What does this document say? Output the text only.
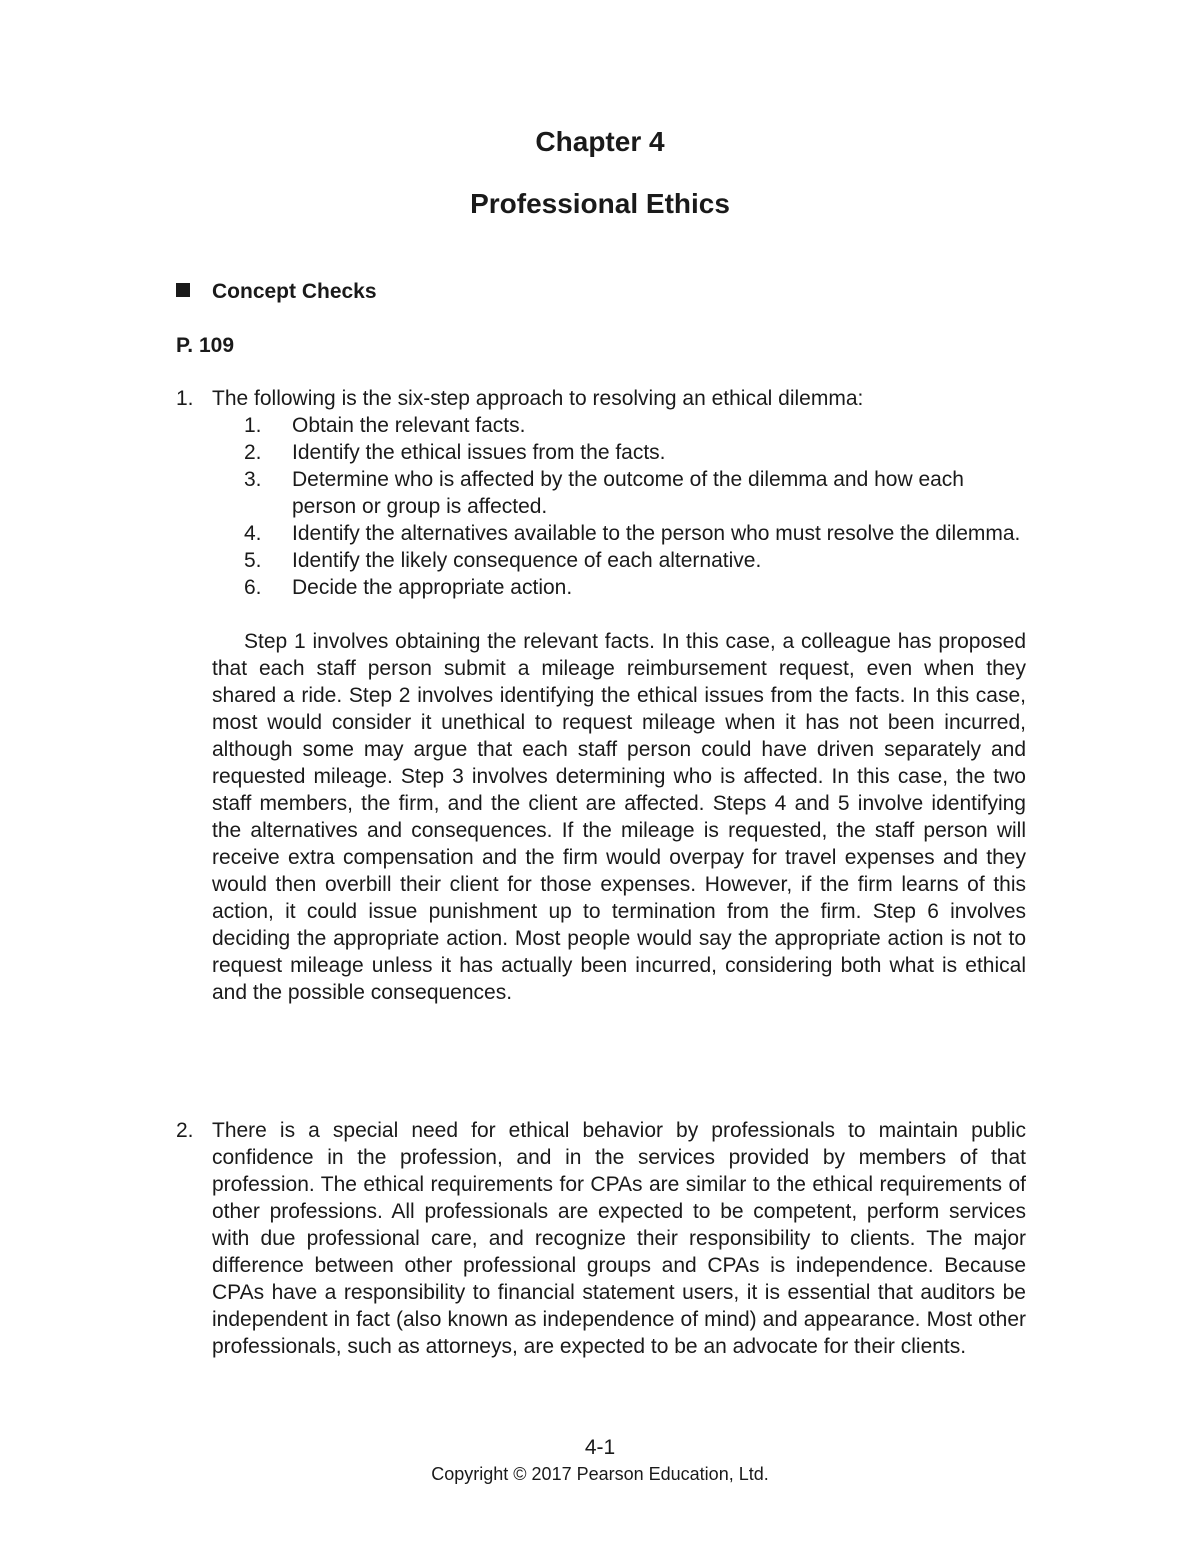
Chapter 4
Professional Ethics
Concept Checks
P. 109
1. The following is the six-step approach to resolving an ethical dilemma:
1. Obtain the relevant facts.
2. Identify the ethical issues from the facts.
3. Determine who is affected by the outcome of the dilemma and how each person or group is affected.
4. Identify the alternatives available to the person who must resolve the dilemma.
5. Identify the likely consequence of each alternative.
6. Decide the appropriate action.
Step 1 involves obtaining the relevant facts. In this case, a colleague has proposed that each staff person submit a mileage reimbursement request, even when they shared a ride. Step 2 involves identifying the ethical issues from the facts. In this case, most would consider it unethical to request mileage when it has not been incurred, although some may argue that each staff person could have driven separately and requested mileage. Step 3 involves determining who is affected. In this case, the two staff members, the firm, and the client are affected. Steps 4 and 5 involve identifying the alternatives and consequences. If the mileage is requested, the staff person will receive extra compensation and the firm would overpay for travel expenses and they would then overbill their client for those expenses. However, if the firm learns of this action, it could issue punishment up to termination from the firm. Step 6 involves deciding the appropriate action. Most people would say the appropriate action is not to request mileage unless it has actually been incurred, considering both what is ethical and the possible consequences.
2. There is a special need for ethical behavior by professionals to maintain public confidence in the profession, and in the services provided by members of that profession. The ethical requirements for CPAs are similar to the ethical requirements of other professions. All professionals are expected to be competent, perform services with due professional care, and recognize their responsibility to clients. The major difference between other professional groups and CPAs is independence. Because CPAs have a responsibility to financial statement users, it is essential that auditors be independent in fact (also known as independence of mind) and appearance. Most other professionals, such as attorneys, are expected to be an advocate for their clients.
4-1
Copyright © 2017 Pearson Education, Ltd.
